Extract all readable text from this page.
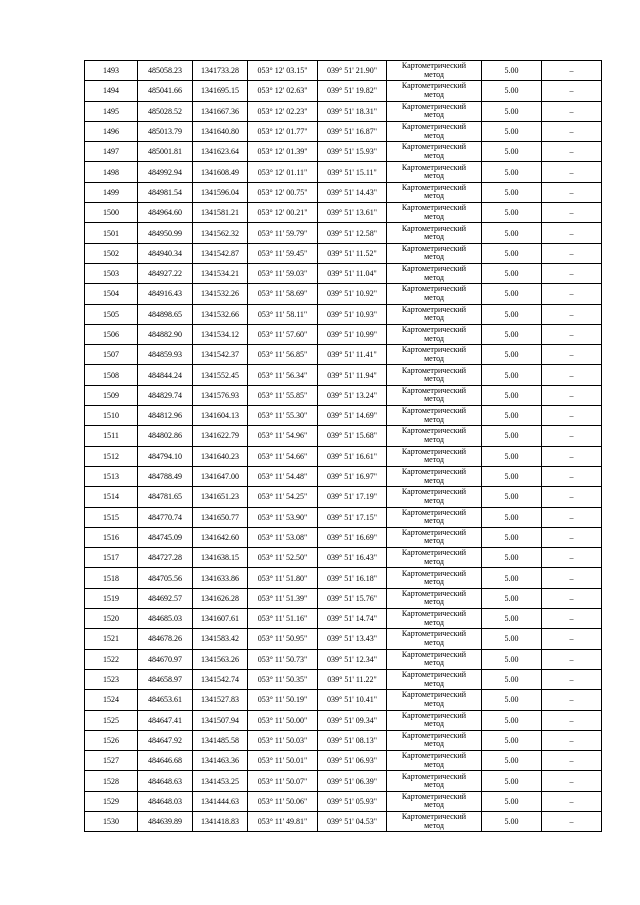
1493	485058.23	1341733.28	053° 12' 03.15"	039° 51' 21.90"	Картометрический
метод	5.00	–
1494	485041.66	1341695.15	053° 12' 02.63"	039° 51' 19.82"	Картометрический
метод	5.00	–
1495	485028.52	1341667.36	053° 12' 02.23"	039° 51' 18.31"	Картометрический
метод	5.00	–
1496	485013.79	1341640.80	053° 12' 01.77"	039° 51' 16.87"	Картометрический
метод	5.00	–
1497	485001.81	1341623.64	053° 12' 01.39"	039° 51' 15.93"	Картометрический
метод	5.00	–
1498	484992.94	1341608.49	053° 12' 01.11"	039° 51' 15.11"	Картометрический
метод	5.00	–
1499	484981.54	1341596.04	053° 12' 00.75"	039° 51' 14.43"	Картометрический
метод	5.00	–
1500	484964.60	1341581.21	053° 12' 00.21"	039° 51' 13.61"	Картометрический
метод	5.00	–
1501	484950.99	1341562.32	053° 11' 59.79"	039° 51' 12.58"	Картометрический
метод	5.00	–
1502	484940.34	1341542.87	053° 11' 59.45"	039° 51' 11.52"	Картометрический
метод	5.00	–
1503	484927.22	1341534.21	053° 11' 59.03"	039° 51' 11.04"	Картометрический
метод	5.00	–
1504	484916.43	1341532.26	053° 11' 58.69"	039° 51' 10.92"	Картометрический
метод	5.00	–
1505	484898.65	1341532.66	053° 11' 58.11"	039° 51' 10.93"	Картометрический
метод	5.00	–
1506	484882.90	1341534.12	053° 11' 57.60"	039° 51' 10.99"	Картометрический
метод	5.00	–
1507	484859.93	1341542.37	053° 11' 56.85"	039° 51' 11.41"	Картометрический
метод	5.00	–
1508	484844.24	1341552.45	053° 11' 56.34"	039° 51' 11.94"	Картометрический
метод	5.00	–
1509	484829.74	1341576.93	053° 11' 55.85"	039° 51' 13.24"	Картометрический
метод	5.00	–
1510	484812.96	1341604.13	053° 11' 55.30"	039° 51' 14.69"	Картометрический
метод	5.00	–
1511	484802.86	1341622.79	053° 11' 54.96"	039° 51' 15.68"	Картометрический
метод	5.00	–
1512	484794.10	1341640.23	053° 11' 54.66"	039° 51' 16.61"	Картометрический
метод	5.00	–
1513	484788.49	1341647.00	053° 11' 54.48"	039° 51' 16.97"	Картометрический
метод	5.00	–
1514	484781.65	1341651.23	053° 11' 54.25"	039° 51' 17.19"	Картометрический
метод	5.00	–
1515	484770.74	1341650.77	053° 11' 53.90"	039° 51' 17.15"	Картометрический
метод	5.00	–
1516	484745.09	1341642.60	053° 11' 53.08"	039° 51' 16.69"	Картометрический
метод	5.00	–
1517	484727.28	1341638.15	053° 11' 52.50"	039° 51' 16.43"	Картометрический
метод	5.00	–
1518	484705.56	1341633.86	053° 11' 51.80"	039° 51' 16.18"	Картометрический
метод	5.00	–
1519	484692.57	1341626.28	053° 11' 51.39"	039° 51' 15.76"	Картометрический
метод	5.00	–
1520	484685.03	1341607.61	053° 11' 51.16"	039° 51' 14.74"	Картометрический
метод	5.00	–
1521	484678.26	1341583.42	053° 11' 50.95"	039° 51' 13.43"	Картометрический
метод	5.00	–
1522	484670.97	1341563.26	053° 11' 50.73"	039° 51' 12.34"	Картометрический
метод	5.00	–
1523	484658.97	1341542.74	053° 11' 50.35"	039° 51' 11.22"	Картометрический
метод	5.00	–
1524	484653.61	1341527.83	053° 11' 50.19"	039° 51' 10.41"	Картометрический
метод	5.00	–
1525	484647.41	1341507.94	053° 11' 50.00"	039° 51' 09.34"	Картометрический
метод	5.00	–
1526	484647.92	1341485.58	053° 11' 50.03"	039° 51' 08.13"	Картометрический
метод	5.00	–
1527	484646.68	1341463.36	053° 11' 50.01"	039° 51' 06.93"	Картометрический
метод	5.00	–
1528	484648.63	1341453.25	053° 11' 50.07"	039° 51' 06.39"	Картометрический
метод	5.00	–
1529	484648.03	1341444.63	053° 11' 50.06"	039° 51' 05.93"	Картометрический
метод	5.00	–
1530	484639.89	1341418.83	053° 11' 49.81"	039° 51' 04.53"	Картометрический
метод	5.00	–
